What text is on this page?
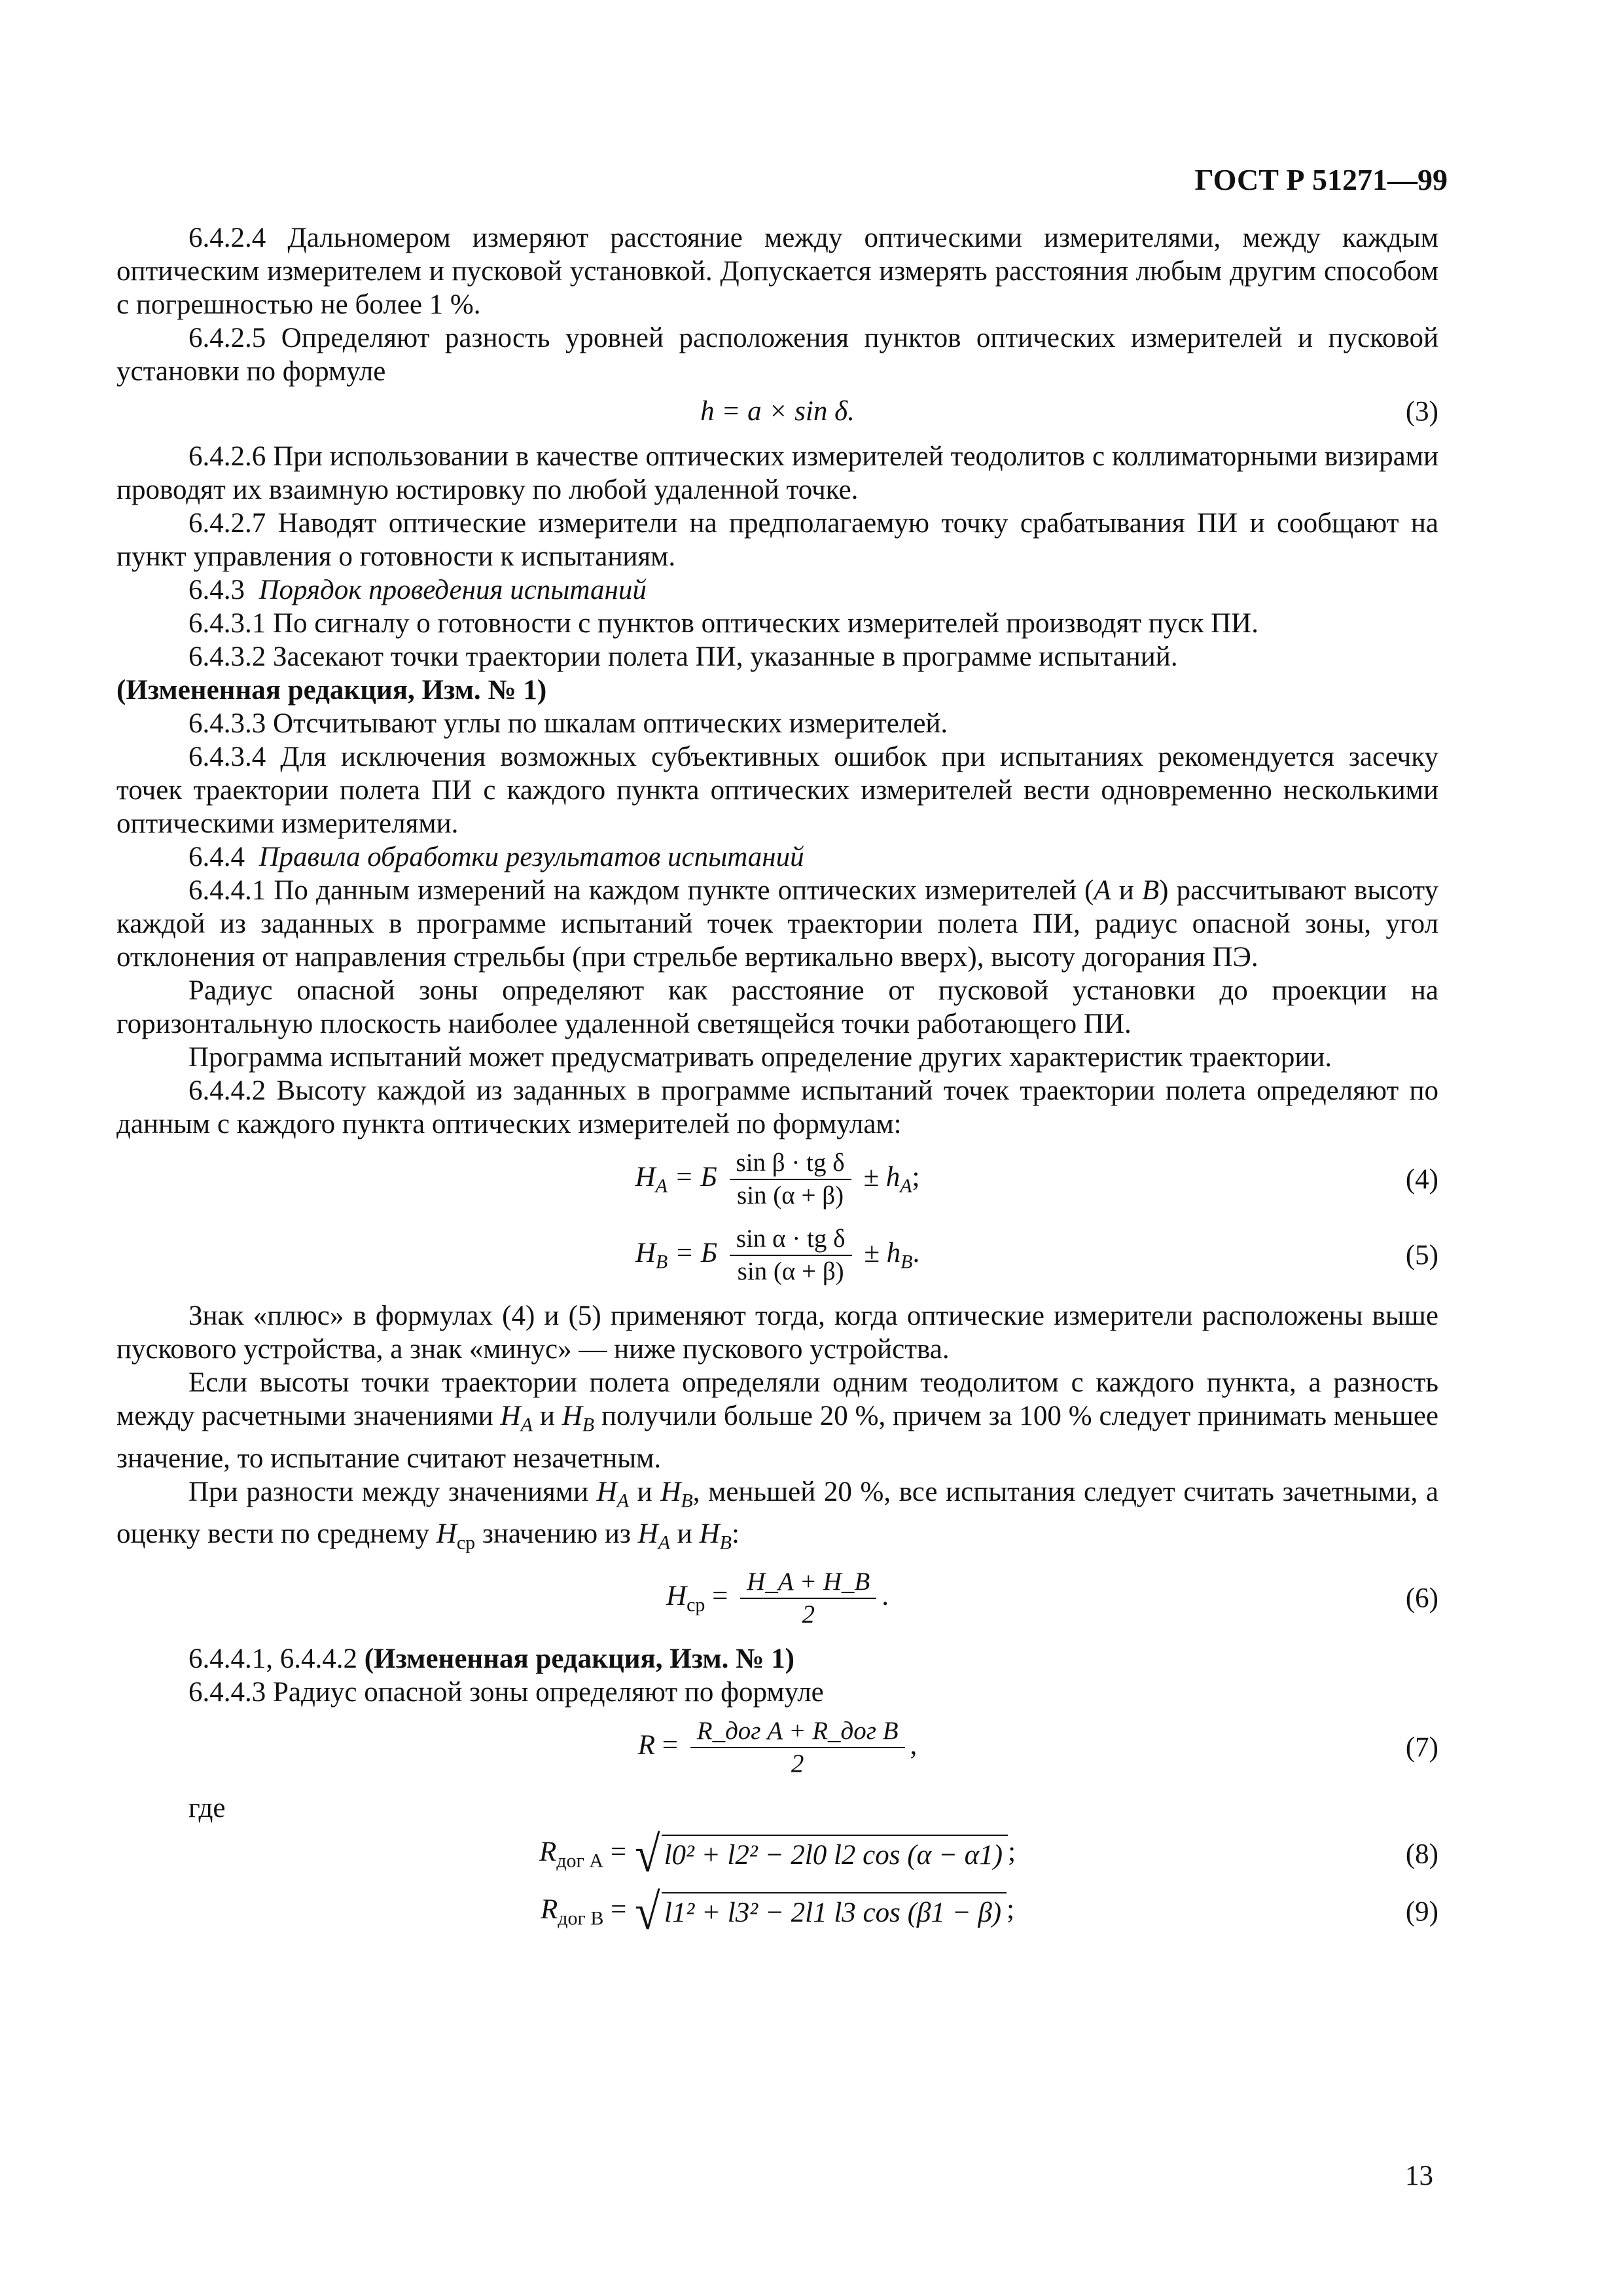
ГОСТ Р 51271—99

6.4.2.4 Дальномером измеряют расстояние между оптическими измерителями, между каждым оптическим измерителем и пусковой установкой. Допускается измерять расстояния любым другим способом с погрешностью не более 1 %.

6.4.2.5 Определяют разность уровней расположения пунктов оптических измерителей и пусковой установки по формуле

h = a × sin δ.	(3)

6.4.2.6 При использовании в качестве оптических измерителей теодолитов с коллиматорными визирами проводят их взаимную юстировку по любой удаленной точке.

6.4.2.7 Наводят оптические измерители на предполагаемую точку срабатывания ПИ и сообщают на пункт управления о готовности к испытаниям.

6.4.3 Порядок проведения испытаний

6.4.3.1 По сигналу о готовности с пунктов оптических измерителей производят пуск ПИ.

6.4.3.2 Засекают точки траектории полета ПИ, указанные в программе испытаний.

(Измененная редакция, Изм. № 1)

6.4.3.3 Отсчитывают углы по шкалам оптических измерителей.

6.4.3.4 Для исключения возможных субъективных ошибок при испытаниях рекомендуется засечку точек траектории полета ПИ с каждого пункта оптических измерителей вести одновременно несколькими оптическими измерителями.

6.4.4 Правила обработки результатов испытаний

6.4.4.1 По данным измерений на каждом пункте оптических измерителей (А и В) рассчитывают высоту каждой из заданных в программе испытаний точек траектории полета ПИ, радиус опасной зоны, угол отклонения от направления стрельбы (при стрельбе вертикально вверх), высоту догорания ПЭ.

Радиус опасной зоны определяют как расстояние от пусковой установки до проекции на горизонтальную плоскость наиболее удаленной светящейся точки работающего ПИ.

Программа испытаний может предусматривать определение других характеристик траектории.

6.4.4.2 Высоту каждой из заданных в программе испытаний точек траектории полета определяют по данным с каждого пункта оптических измерителей по формулам:

$H_A = Б \frac{\text{sin β · tg δ}}{\sin (\alpha + \beta)} \pm h_A$;	(4)
$H_B = Б \frac{\text{sin α · tg δ}}{\sin (\alpha + \beta)} \pm h_B$.	(5)

Знак «плюс» в формулах (4) и (5) применяют тогда, когда оптические измерители расположены выше пускового устройства, а знак «минус» — ниже пускового устройства.

Если высоты точки траектории полета определяли одним теодолитом с каждого пункта, а разность между расчетными значениями $H_A$ и $H_B$ получили больше 20 %, причем за 100 % следует принимать меньшее значение, то испытание считают незачетным.

При разности между значениями $H_A$ и $H_B$, меньшей 20 %, все испытания следует считать зачетными, а оценку вести по среднему $H_{ср}$ значению из $H_A$ и $H_B$:

$H_{ср} = \frac{H\_A + H\_B}{2}$ .	(6)

6.4.4.1, 6.4.4.2 (Измененная редакция, Изм. № 1)

6.4.4.3 Радиус опасной зоны определяют по формуле

$R = \frac{\text{R\_дог A + R\_дог B}}{2}$ ,	(7)

где

$R_{дог A}$ = √ l0² + l2² − 2l0 l2 cos (α − α1) ;	(8)
$R_{дог B}$ = √ l1² + l3² − 2l1 l3 cos (β1 − β) ;	(9)
13
